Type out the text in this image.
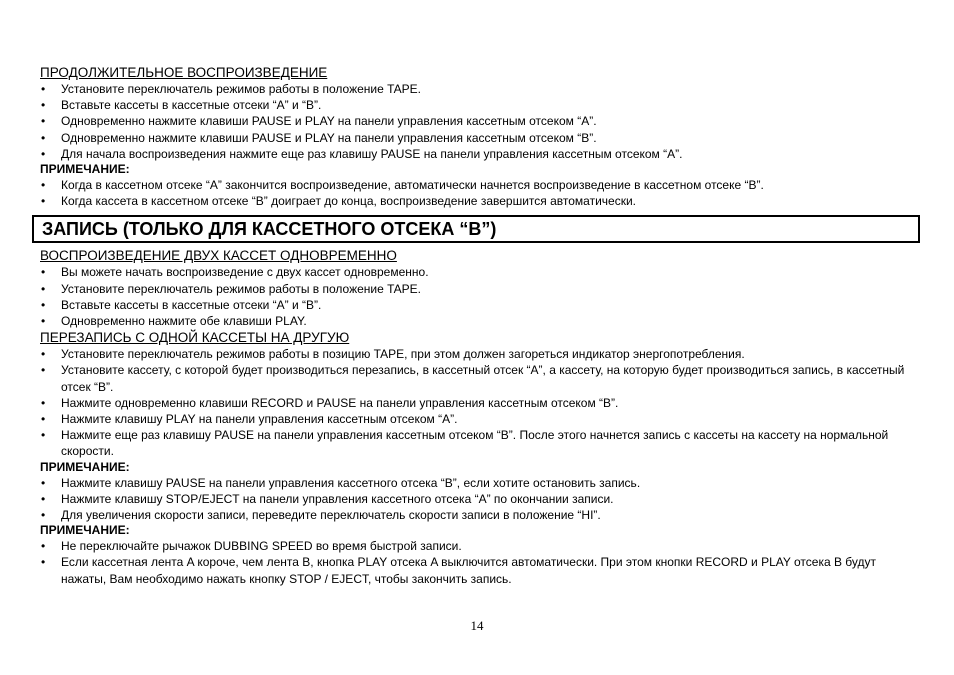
ПРОДОЛЖИТЕЛЬНОЕ ВОСПРОИЗВЕДЕНИЕ

• Установите переключатель режимов работы в положение TAPE.
• Вставьте кассеты в кассетные отсеки “A” и “B”.
• Одновременно нажмите клавиши PAUSE и PLAY на панели управления кассетным отсеком “A”.
• Одновременно нажмите клавиши PAUSE и PLAY на панели управления кассетным отсеком “B”.
• Для начала воспроизведения нажмите еще раз клавишу PAUSE на панели управления кассетным отсеком “A”.

ПРИМЕЧАНИЕ:

• Когда в кассетном отсеке “A” закончится воспроизведение, автоматически начнется воспроизведение в кассетном отсеке “B”.
• Когда кассета в кассетном отсеке “B” доиграет до конца, воспроизведение завершится автоматически.
ЗАПИСЬ (ТОЛЬКО ДЛЯ КАССЕТНОГО ОТСЕКА “B”)

ВОСПРОИЗВЕДЕНИЕ ДВУХ КАССЕТ ОДНОВРЕМЕННО

• Вы можете начать воспроизведение с двух кассет одновременно.
• Установите переключатель режимов работы в положение TAPE.
• Вставьте кассеты в кассетные отсеки “A” и “B”.
• Одновременно нажмите обе клавиши PLAY.

ПЕРЕЗАПИСЬ С ОДНОЙ КАССЕТЫ НА ДРУГУЮ

• Установите переключатель режимов работы в позицию TAPE, при этом должен загореться индикатор энергопотребления.
• Установите кассету, с которой будет производиться перезапись, в кассетный отсек “A”, а кассету, на которую будет производиться запись, в кассетный отсек “B”.
• Нажмите одновременно клавиши RECORD и PAUSE на панели управления кассетным отсеком “B”.
• Нажмите клавишу PLAY на панели управления кассетным отсеком “A”.
• Нажмите еще раз клавишу PAUSE на панели управления кассетным отсеком “B”. После этого начнется запись с кассеты на кассету на нормальной скорости.

ПРИМЕЧАНИЕ:

• Нажмите клавишу PAUSE на панели управления кассетного отсека “B”, если хотите остановить запись.
• Нажмите клавишу STOP/EJECT на панели управления кассетного отсека “A” по окончании записи.
• Для увеличения скорости записи, переведите переключатель скорости записи в положение “HI”.

ПРИМЕЧАНИЕ:

• Не переключайте рычажок DUBBING SPEED во время быстрой записи.
• Если кассетная лента A короче, чем лента B, кнопка PLAY отсека A выключится автоматически. При этом кнопки RECORD и PLAY отсека B будут нажаты, Вам необходимо нажать кнопку STOP / EJECT, чтобы закончить запись.
14
